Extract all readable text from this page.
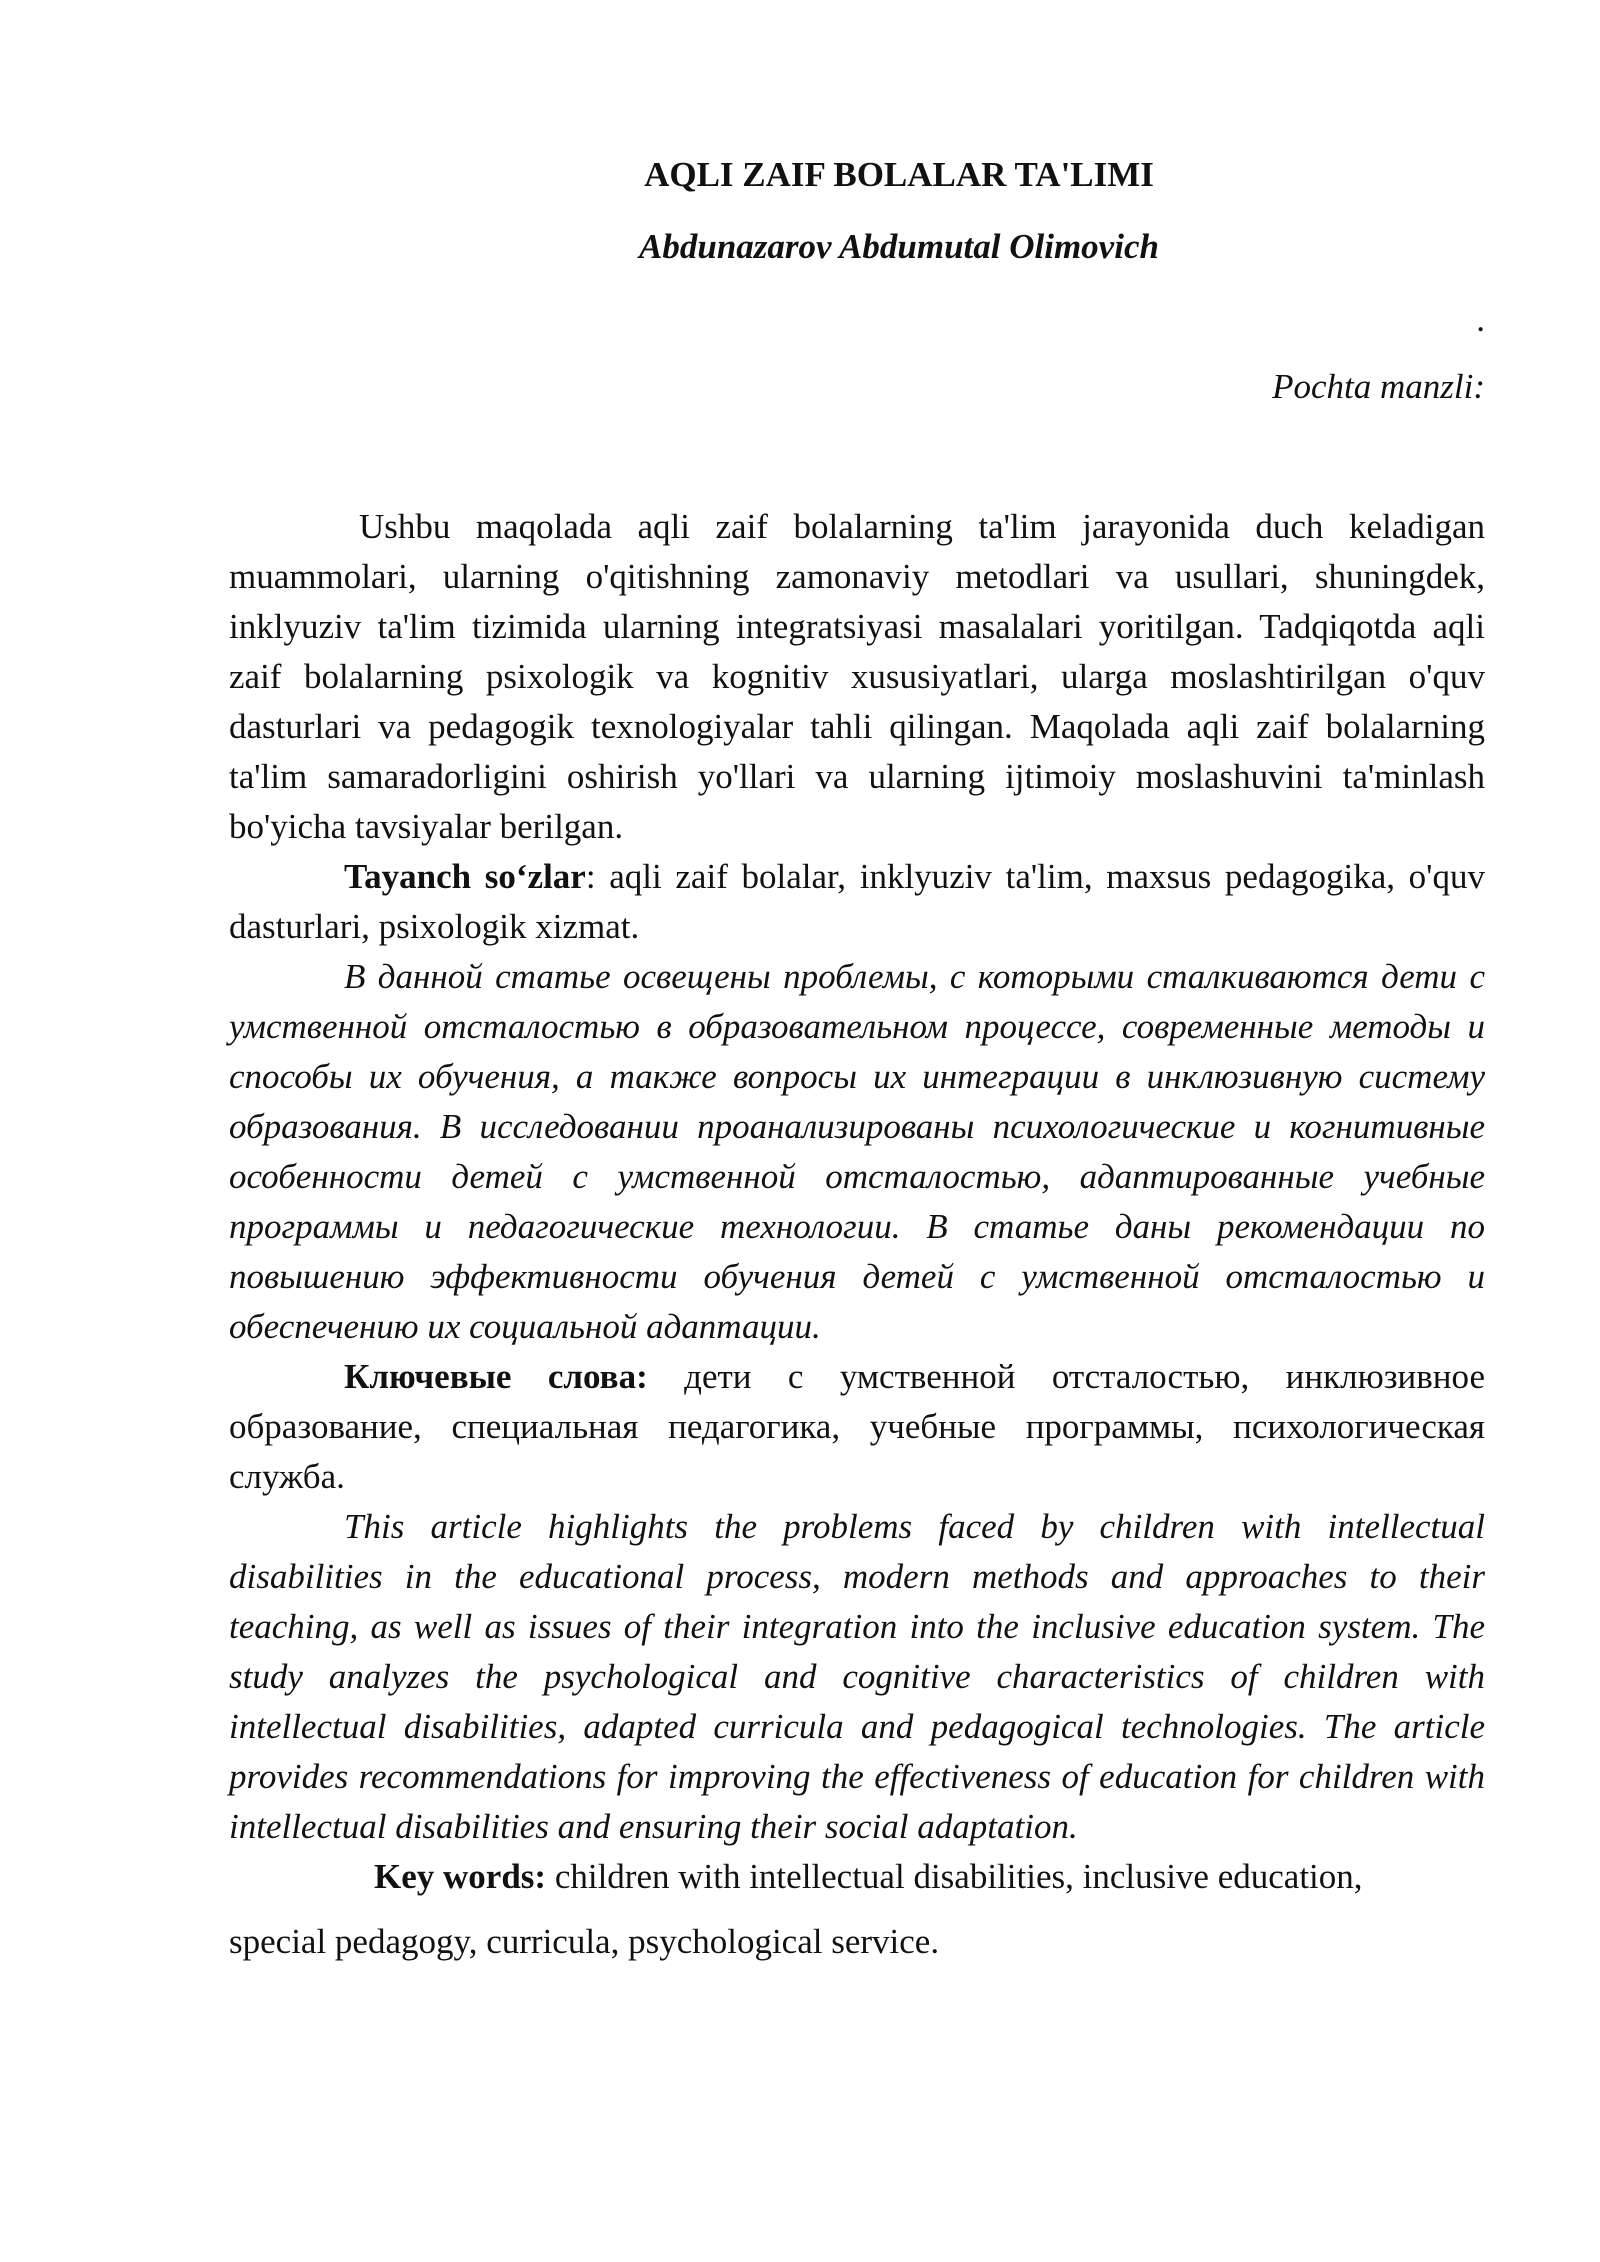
AQLI ZAIF BOLALAR TA'LIMI

Abdunazarov Abdumutal Olimovich

.

Pochta manzli:

Ushbu maqolada aqli zaif bolalarning ta'lim jarayonida duch keladigan muammolari, ularning o'qitishning zamonaviy metodlari va usullari, shuningdek, inklyuziv ta'lim tizimida ularning integratsiyasi masalalari yoritilgan. Tadqiqotda aqli zaif bolalarning psixologik va kognitiv xususiyatlari, ularga moslashtirilgan o'quv dasturlari va pedagogik texnologiyalar tahli qilingan. Maqolada aqli zaif bolalarning ta'lim samaradorligini oshirish yo'llari va ularning ijtimoiy moslashuvini ta'minlash bo'yicha tavsiyalar berilgan.

Tayanch so‘zlar: aqli zaif bolalar, inklyuziv ta'lim, maxsus pedagogika, o'quv dasturlari, psixologik xizmat.

В данной статье освещены проблемы, с которыми сталкиваются дети с умственной отсталостью в образовательном процессе, современные методы и способы их обучения, а также вопросы их интеграции в инклюзивную систему образования. В исследовании проанализированы психологические и когнитивные особенности детей с умственной отсталостью, адаптированные учебные программы и педагогические технологии. В статье даны рекомендации по повышению эффективности обучения детей с умственной отсталостью и обеспечению их социальной адаптации.

Ключевые слова: дети с умственной отсталостью, инклюзивное образование, специальная педагогика, учебные программы, психологическая служба.

This article highlights the problems faced by children with intellectual disabilities in the educational process, modern methods and approaches to their teaching, as well as issues of their integration into the inclusive education system. The study analyzes the psychological and cognitive characteristics of children with intellectual disabilities, adapted curricula and pedagogical technologies. The article provides recommendations for improving the effectiveness of education for children with intellectual disabilities and ensuring their social adaptation.

Key words: children with intellectual disabilities, inclusive education,
special pedagogy, curricula, psychological service.
